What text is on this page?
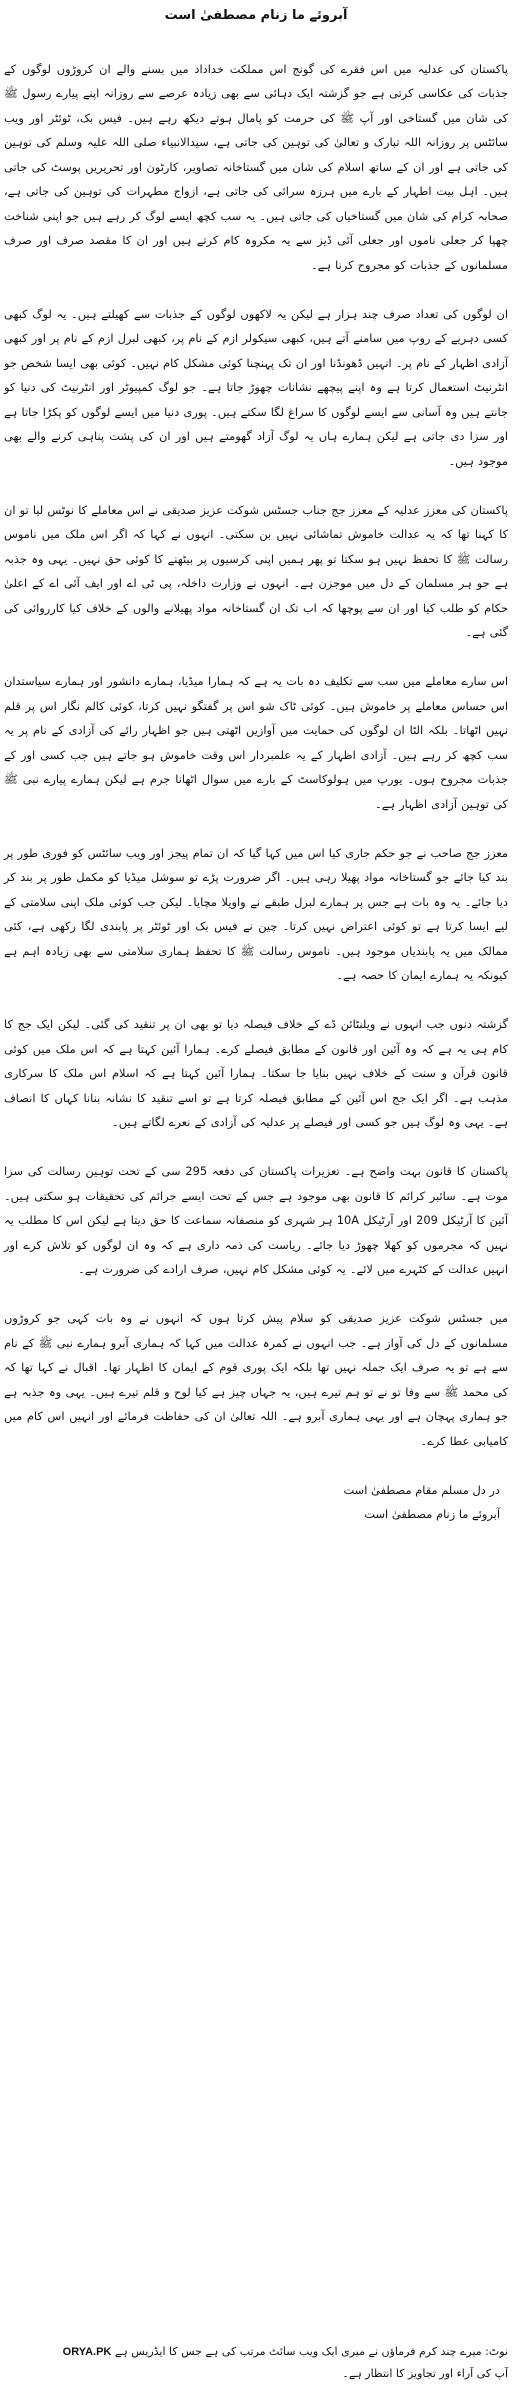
آبروئے ما زنام مصطفیٰ است

پاکستان کی عدلیہ میں اس فقرے کی گونج اس مملکت خداداد میں بسنے والے ان کروڑوں لوگوں کے جذبات کی عکاسی کرتی ہے جو گزشتہ ایک دہائی سے بھی زیادہ عرصے سے روزانہ اپنے پیارے رسول ﷺ کی شان میں گستاخی اور آپ ﷺ کی حرمت کو پامال ہوتے دیکھ رہے ہیں۔ فیس بک، ٹوئٹر اور ویب سائٹس پر روزانہ اللہ تبارک و تعالیٰ کی توہین کی جاتی ہے، سیدالانبیاء صلی اللہ علیہ وسلم کی توہین کی جاتی ہے اور ان کے ساتھ اسلام کی شان میں گستاخانہ تصاویر، کارٹون اور تحریریں پوسٹ کی جاتی ہیں۔ اہل بیت اطہار کے بارے میں ہرزہ سرائی کی جاتی ہے، ازواج مطہرات کی توہین کی جاتی ہے، صحابہ کرام کی شان میں گستاخیاں کی جاتی ہیں۔ یہ سب کچھ ایسے لوگ کر رہے ہیں جو اپنی شناخت چھپا کر جعلی ناموں اور جعلی آئی ڈیز سے یہ مکروہ کام کرتے ہیں اور ان کا مقصد صرف اور صرف مسلمانوں کے جذبات کو مجروح کرنا ہے۔

ان لوگوں کی تعداد صرف چند ہزار ہے لیکن یہ لاکھوں لوگوں کے جذبات سے کھیلتے ہیں۔ یہ لوگ کبھی کسی دہریے کے روپ میں سامنے آتے ہیں، کبھی سیکولر ازم کے نام پر، کبھی لبرل ازم کے نام پر اور کبھی آزادی اظہار کے نام پر۔ انہیں ڈھونڈنا اور ان تک پہنچنا کوئی مشکل کام نہیں۔ کوئی بھی ایسا شخص جو انٹرنیٹ استعمال کرتا ہے وہ اپنے پیچھے نشانات چھوڑ جاتا ہے۔ جو لوگ کمپیوٹر اور انٹرنیٹ کی دنیا کو جانتے ہیں وہ آسانی سے ایسے لوگوں کا سراغ لگا سکتے ہیں۔ پوری دنیا میں ایسے لوگوں کو پکڑا جاتا ہے اور سزا دی جاتی ہے لیکن ہمارے ہاں یہ لوگ آزاد گھومتے ہیں اور ان کی پشت پناہی کرنے والے بھی موجود ہیں۔

پاکستان کی معزز عدلیہ کے معزز جج جناب جسٹس شوکت عزیز صدیقی نے اس معاملے کا نوٹس لیا تو ان کا کہنا تھا کہ یہ عدالت خاموش تماشائی نہیں بن سکتی۔ انہوں نے کہا کہ اگر اس ملک میں ناموس رسالت ﷺ کا تحفظ نہیں ہو سکتا تو پھر ہمیں اپنی کرسیوں پر بیٹھنے کا کوئی حق نہیں۔ یہی وہ جذبہ ہے جو ہر مسلمان کے دل میں موجزن ہے۔ انہوں نے وزارت داخلہ، پی ٹی اے اور ایف آئی اے کے اعلیٰ حکام کو طلب کیا اور ان سے پوچھا کہ اب تک ان گستاخانہ مواد پھیلانے والوں کے خلاف کیا کارروائی کی گئی ہے۔

اس سارے معاملے میں سب سے تکلیف دہ بات یہ ہے کہ ہمارا میڈیا، ہمارے دانشور اور ہمارے سیاستدان اس حساس معاملے پر خاموش ہیں۔ کوئی ٹاک شو اس پر گفتگو نہیں کرتا، کوئی کالم نگار اس پر قلم نہیں اٹھاتا۔ بلکہ الٹا ان لوگوں کی حمایت میں آوازیں اٹھتی ہیں جو اظہار رائے کی آزادی کے نام پر یہ سب کچھ کر رہے ہیں۔ آزادی اظہار کے یہ علمبردار اس وقت خاموش ہو جاتے ہیں جب کسی اور کے جذبات مجروح ہوں۔ یورپ میں ہولوکاسٹ کے بارے میں سوال اٹھانا جرم ہے لیکن ہمارے پیارے نبی ﷺ کی توہین آزادی اظہار ہے۔

معزز جج صاحب نے جو حکم جاری کیا اس میں کہا گیا کہ ان تمام پیجز اور ویب سائٹس کو فوری طور پر بند کیا جائے جو گستاخانہ مواد پھیلا رہی ہیں۔ اگر ضرورت پڑے تو سوشل میڈیا کو مکمل طور پر بند کر دیا جائے۔ یہ وہ بات ہے جس پر ہمارے لبرل طبقے نے واویلا مچایا۔ لیکن جب کوئی ملک اپنی سلامتی کے لیے ایسا کرتا ہے تو کوئی اعتراض نہیں کرتا۔ چین نے فیس بک اور ٹوئٹر پر پابندی لگا رکھی ہے، کئی ممالک میں یہ پابندیاں موجود ہیں۔ ناموس رسالت ﷺ کا تحفظ ہماری سلامتی سے بھی زیادہ اہم ہے کیونکہ یہ ہمارے ایمان کا حصہ ہے۔

گزشتہ دنوں جب انہوں نے ویلنٹائن ڈے کے خلاف فیصلہ دیا تو بھی ان پر تنقید کی گئی۔ لیکن ایک جج کا کام ہی یہ ہے کہ وہ آئین اور قانون کے مطابق فیصلے کرے۔ ہمارا آئین کہتا ہے کہ اس ملک میں کوئی قانون قرآن و سنت کے خلاف نہیں بنایا جا سکتا۔ ہمارا آئین کہتا ہے کہ اسلام اس ملک کا سرکاری مذہب ہے۔ اگر ایک جج اس آئین کے مطابق فیصلہ کرتا ہے تو اسے تنقید کا نشانہ بنانا کہاں کا انصاف ہے۔ یہی وہ لوگ ہیں جو کسی اور فیصلے پر عدلیہ کی آزادی کے نعرے لگاتے ہیں۔

پاکستان کا قانون بہت واضح ہے۔ تعزیرات پاکستان کی دفعہ 295 سی کے تحت توہین رسالت کی سزا موت ہے۔ سائبر کرائم کا قانون بھی موجود ہے جس کے تحت ایسے جرائم کی تحقیقات ہو سکتی ہیں۔ آئین کا آرٹیکل 209 اور آرٹیکل 10A ہر شہری کو منصفانہ سماعت کا حق دیتا ہے لیکن اس کا مطلب یہ نہیں کہ مجرموں کو کھلا چھوڑ دیا جائے۔ ریاست کی ذمہ داری ہے کہ وہ ان لوگوں کو تلاش کرے اور انہیں عدالت کے کٹہرے میں لائے۔ یہ کوئی مشکل کام نہیں، صرف ارادے کی ضرورت ہے۔

میں جسٹس شوکت عزیز صدیقی کو سلام پیش کرتا ہوں کہ انہوں نے وہ بات کہی جو کروڑوں مسلمانوں کے دل کی آواز ہے۔ جب انہوں نے کمرہ عدالت میں کہا کہ ہماری آبرو ہمارے نبی ﷺ کے نام سے ہے تو یہ صرف ایک جملہ نہیں تھا بلکہ ایک پوری قوم کے ایمان کا اظہار تھا۔ اقبال نے کہا تھا کہ کی محمد ﷺ سے وفا تو نے تو ہم تیرے ہیں، یہ جہاں چیز ہے کیا لوح و قلم تیرے ہیں۔ یہی وہ جذبہ ہے جو ہماری پہچان ہے اور یہی ہماری آبرو ہے۔ اللہ تعالیٰ ان کی حفاظت فرمائے اور انہیں اس کام میں کامیابی عطا کرے۔

در دل مسلم مقام مصطفیٰ است
آبروئے ما زنام مصطفیٰ است
نوٹ: میرے چند کرم فرماؤں نے میری ایک ویب سائٹ مرتب کی ہے جس کا ایڈریس ہے ORYA.PK
آپ کی آراء اور تجاویز کا انتظار ہے۔
